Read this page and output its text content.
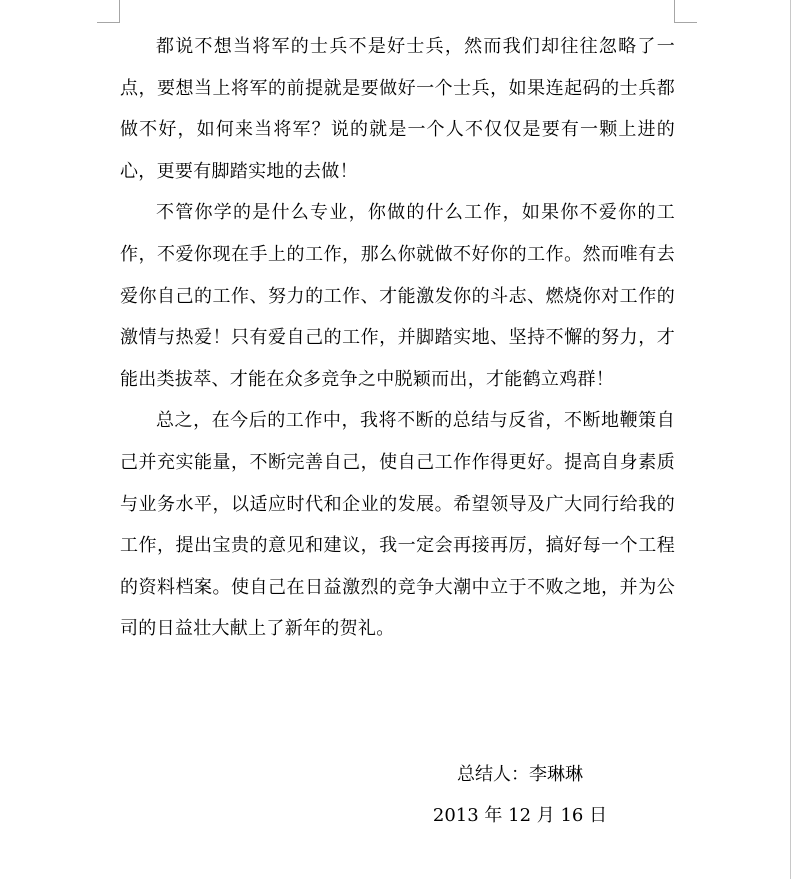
都说不想当将军的士兵不是好士兵，然而我们却往往忽略了一点，要想当上将军的前提就是要做好一个士兵，如果连起码的士兵都做不好，如何来当将军？说的就是一个人不仅仅是要有一颗上进的心，更要有脚踏实地的去做！

不管你学的是什么专业，你做的什么工作，如果你不爱你的工作，不爱你现在手上的工作，那么你就做不好你的工作。然而唯有去爱你自己的工作、努力的工作、才能激发你的斗志、燃烧你对工作的激情与热爱！只有爱自己的工作，并脚踏实地、坚持不懈的努力，才能出类拔萃、才能在众多竞争之中脱颖而出，才能鹤立鸡群！

总之，在今后的工作中，我将不断的总结与反省，不断地鞭策自己并充实能量，不断完善自己，使自己工作作得更好。提高自身素质与业务水平，以适应时代和企业的发展。希望领导及广大同行给我的工作，提出宝贵的意见和建议，我一定会再接再厉，搞好每一个工程的资料档案。使自己在日益激烈的竞争大潮中立于不败之地，并为公司的日益壮大献上了新年的贺礼。

总结人：李琳琳
2013 年 12 月 16 日
